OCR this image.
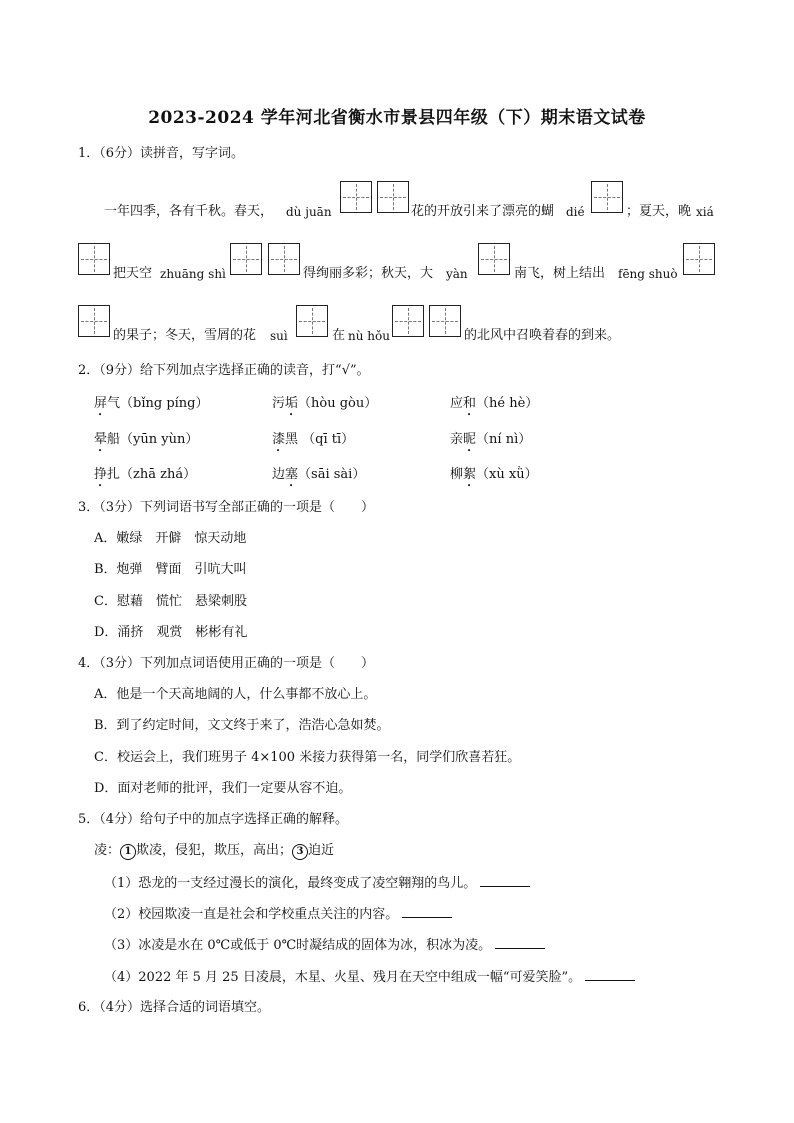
2023-2024 学年河北省衡水市景县四年级（下）期末语文试卷
1．（6分）读拼音，写字词。
一年四季，各有千秋。春天， dù juān	花的开放引来了漂亮的蝴 dié	；夏天，晚 xiá
把天空 zhuāng shì	得绚丽多彩；秋天，大 yàn	南飞，树上结出 fēng shuò
的果子；冬天，雪屑的花 suì	在 nù hǒu	的北风中召唤着春的到来。
2．（9分）给下列加点字选择正确的读音，打“√”。
屏气（bǐng píng）	污垢（hòu gòu）	应和（hé hè）
晕船（yūn yùn）	漆黑 （qī tī）	亲昵（ní nì）
挣扎（zhā zhá）	边塞（sāi sài）	柳絮（xù xǜ）
3．（3分）下列词语书写全部正确的一项是（　　）
A．嫩绿　开僻　惊天动地
B．炮弹　臂面　引吭大叫
C．慰藉　慌忙　悬梁刺股
D．涌挤　观赏　彬彬有礼
4．（3分）下列加点词语使用正确的一项是（　　）
A．他是一个天高地阔的人，什么事都不放心上。
B．到了约定时间，文文终于来了，浩浩心急如焚。
C．校运会上，我们班男子 4×100 米接力获得第一名，同学们欣喜若狂。
D．面对老师的批评，我们一定要从容不迫。
5．（4分）给句子中的加点字选择正确的解释。
凌： 1 欺凌，侵犯，欺压，高出； 3 迫近
（1）恐龙的一支经过漫长的演化，最终变成了凌空翱翔的鸟儿。
（2）校园欺凌一直是社会和学校重点关注的内容。
（3）冰凌是水在 0℃或低于 0℃时凝结成的固体为冰，积冰为凌。
（4）2022 年 5 月 25 日凌晨，木星、火星、残月在天空中组成一幅“可爱笑脸”。
6．（4分）选择合适的词语填空。
